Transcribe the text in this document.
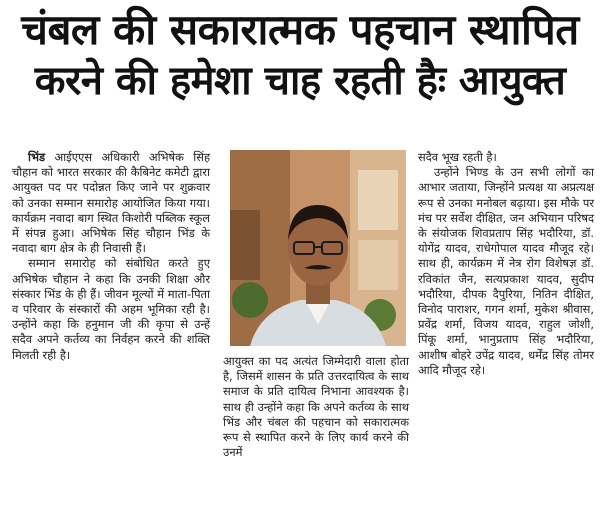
चंबल की सकारात्मक पहचान स्थापित
करने की हमेशा चाह रहती हैः आयुक्त

भिंड आईएएस अधिकारी अभिषेक सिंह चौहान को भारत सरकार की कैबिनेट कमेटी द्वारा आयुक्त पद पर पदोन्नत किए जाने पर शुक्रवार को उनका सम्मान समारोह आयोजित किया गया। कार्यक्रम नवादा बाग स्थित किशोरी पब्लिक स्कूल में संपन्न हुआ। अभिषेक सिंह चौहान भिंड के नवादा बाग क्षेत्र के ही निवासी हैं।

सम्मान समारोह को संबोधित करते हुए अभिषेक चौहान ने कहा कि उनकी शिक्षा और संस्कार भिंड के ही हैं। जीवन मूल्यों में माता-पिता व परिवार के संस्कारों की अहम भूमिका रही है। उन्होंने कहा कि हनुमान जी की कृपा से उन्हें सदैव अपने कर्तव्य का निर्वहन करने की शक्ति मिलती रही है।	आयुक्त का पद अत्यंत जिम्मेदारी वाला होता है, जिसमें शासन के प्रति उत्तरदायित्व के साथ समाज के प्रति दायित्व निभाना आवश्यक है। साथ ही उन्होंने कहा कि अपने कर्तव्य के साथ भिंड और चंबल की पहचान को सकारात्मक रूप से स्थापित करने के लिए कार्य करने की उनमें

सदैव भूख रहती है।

उन्होंने भिण्ड के उन सभी लोगों का आभार जताया, जिन्होंने प्रत्यक्ष या अप्रत्यक्ष रूप से उनका मनोबल बढ़ाया। इस मौके पर मंच पर सर्वेश दीक्षित, जन अभियान परिषद के संयोजक शिवप्रताप सिंह भदौरिया, डॉ. योगेंद्र यादव, राधेगोपाल यादव मौजूद रहे। साथ ही, कार्यक्रम में नेत्र रोग विशेषज्ञ डॉ. रविकांत जैन, सत्यप्रकाश यादव, सुदीप भदौरिया, दीपक दैपुरिया, नितिन दीक्षित, विनोद पाराशर, गगन शर्मा, मुकेश श्रीवास, प्रवेंद्र शर्मा, विजय यादव, राहुल जोशी, पिंकू शर्मा, भानुप्रताप सिंह भदौरिया, आशीष बोहरे उपेंद्र यादव, धर्मेंद्र सिंह तोमर आदि मौजूद रहे।
